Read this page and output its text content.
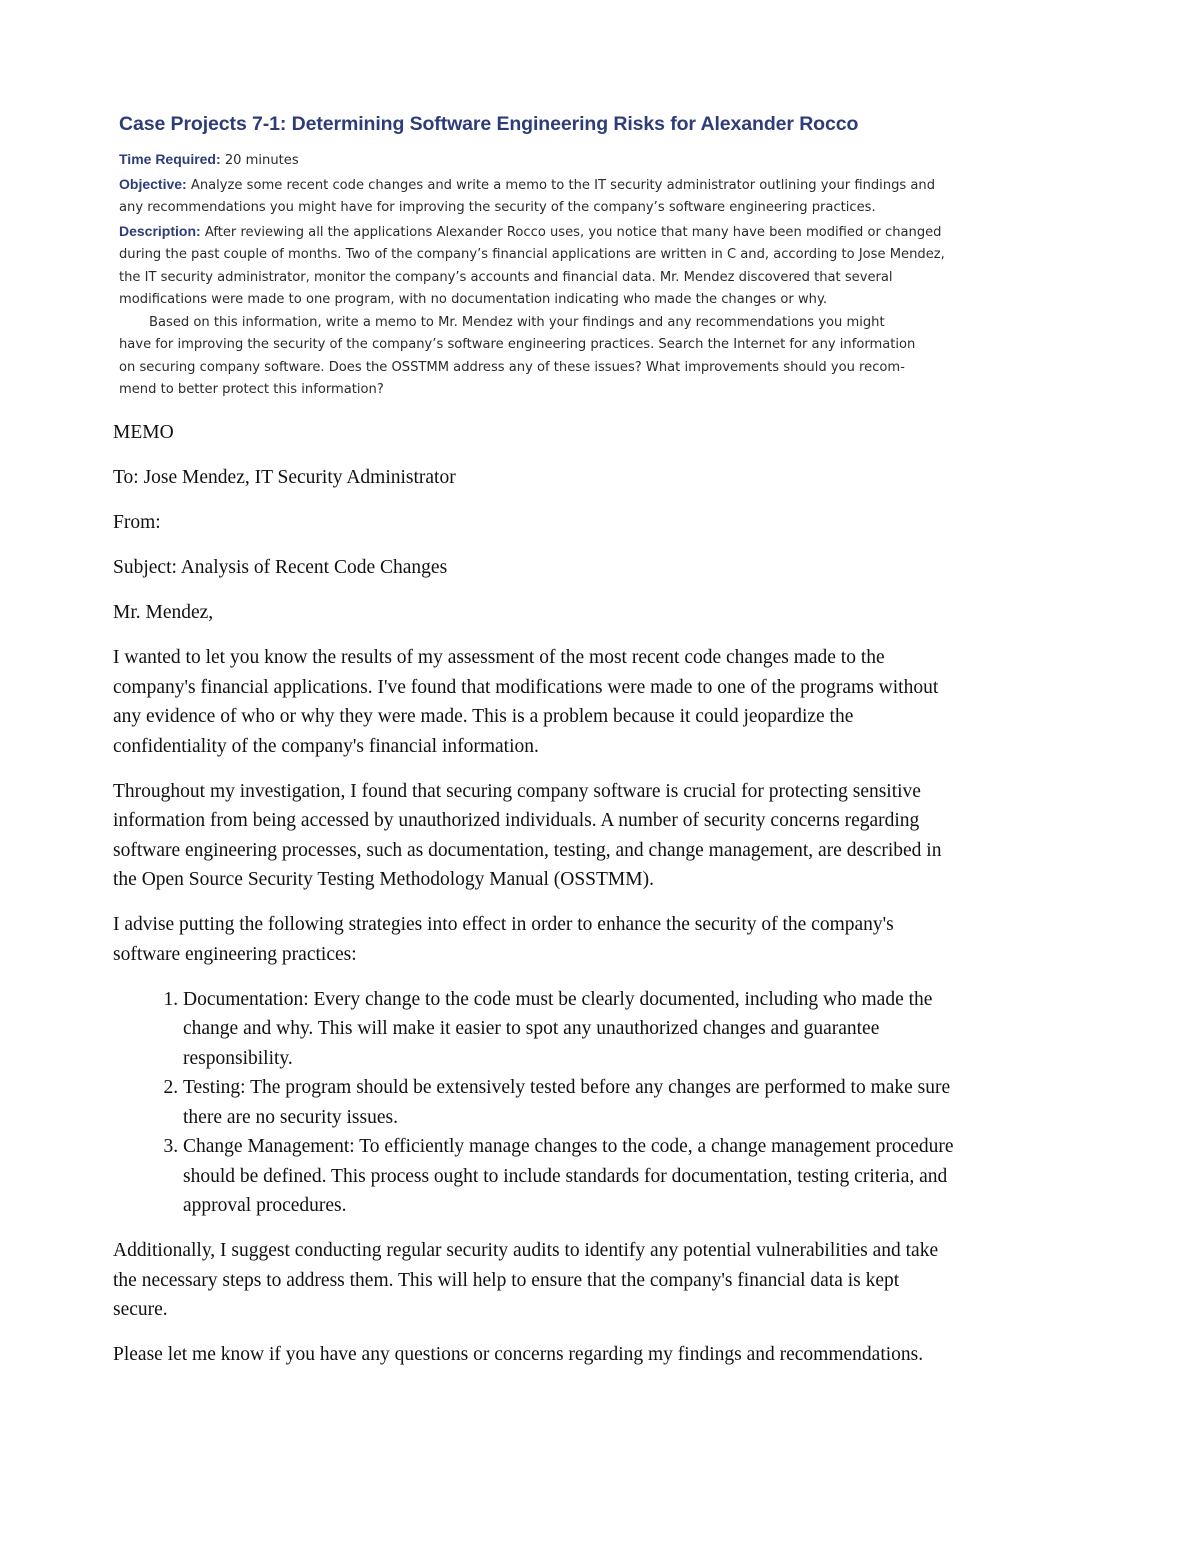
Case Projects 7-1: Determining Software Engineering Risks for Alexander Rocco

Time Required: 20 minutes

Objective: Analyze some recent code changes and write a memo to the IT security administrator outlining your findings and

any recommendations you might have for improving the security of the company’s software engineering practices.

Description: After reviewing all the applications Alexander Rocco uses, you notice that many have been modified or changed

during the past couple of months. Two of the company’s financial applications are written in C and, according to Jose Mendez,

the IT security administrator, monitor the company’s accounts and financial data. Mr. Mendez discovered that several

modifications were made to one program, with no documentation indicating who made the changes or why.

Based on this information, write a memo to Mr. Mendez with your findings and any recommendations you might

have for improving the security of the company’s software engineering practices. Search the Internet for any information

on securing company software. Does the OSSTMM address any of these issues? What improvements should you recom-

mend to better protect this information?

MEMO

To: Jose Mendez, IT Security Administrator

From:

Subject: Analysis of Recent Code Changes

Mr. Mendez,

I wanted to let you know the results of my assessment of the most recent code changes made to the
company's financial applications. I've found that modifications were made to one of the programs without
any evidence of who or why they were made. This is a problem because it could jeopardize the
confidentiality of the company's financial information.

Throughout my investigation, I found that securing company software is crucial for protecting sensitive
information from being accessed by unauthorized individuals. A number of security concerns regarding
software engineering processes, such as documentation, testing, and change management, are described in
the Open Source Security Testing Methodology Manual (OSSTMM).

I advise putting the following strategies into effect in order to enhance the security of the company's
software engineering practices:

1. Documentation: Every change to the code must be clearly documented, including who made the
change and why. This will make it easier to spot any unauthorized changes and guarantee
responsibility.
2. Testing: The program should be extensively tested before any changes are performed to make sure
there are no security issues.
3. Change Management: To efficiently manage changes to the code, a change management procedure
should be defined. This process ought to include standards for documentation, testing criteria, and
approval procedures.

Additionally, I suggest conducting regular security audits to identify any potential vulnerabilities and take
the necessary steps to address them. This will help to ensure that the company's financial data is kept
secure.

Please let me know if you have any questions or concerns regarding my findings and recommendations.
